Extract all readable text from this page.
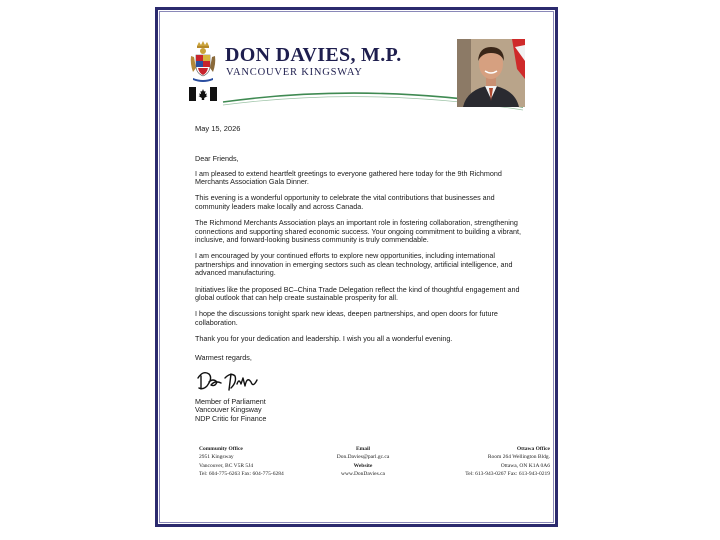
DON DAVIES, M.P.
VANCOUVER KINGSWAY
May 15, 2026

Dear Friends,

I am pleased to extend heartfelt greetings to everyone gathered here today for the 9th Richmond Merchants Association Gala Dinner.

This evening is a wonderful opportunity to celebrate the vital contributions that businesses and community leaders make locally and across Canada.

The Richmond Merchants Association plays an important role in fostering collaboration, strengthening connections and supporting shared economic success. Your ongoing commitment to building a vibrant, inclusive, and forward-looking business community is truly commendable.

I am encouraged by your continued efforts to explore new opportunities, including international partnerships and innovation in emerging sectors such as clean technology, artificial intelligence, and advanced manufacturing.

Initiatives like the proposed BC–China Trade Delegation reflect the kind of thoughtful engagement and global outlook that can help create sustainable prosperity for all.

I hope the discussions tonight spark new ideas, deepen partnerships, and open doors for future collaboration.

Thank you for your dedication and leadership. I wish you all a wonderful evening.

Warmest regards,
Member of Parliament
Vancouver Kingsway
NDP Critic for Finance
Community Office
2951 Kingsway
Vancouver, BC V5R 5J4
Tel: 604-775-6263 Fax: 604-775-6284
Email
Don.Davies@parl.gc.ca
Website
www.DonDavies.ca
Ottawa Office
Room 264 Wellington Bldg.
Ottawa, ON K1A 0A6
Tel: 613-943-0267 Fax: 613-943-0219
